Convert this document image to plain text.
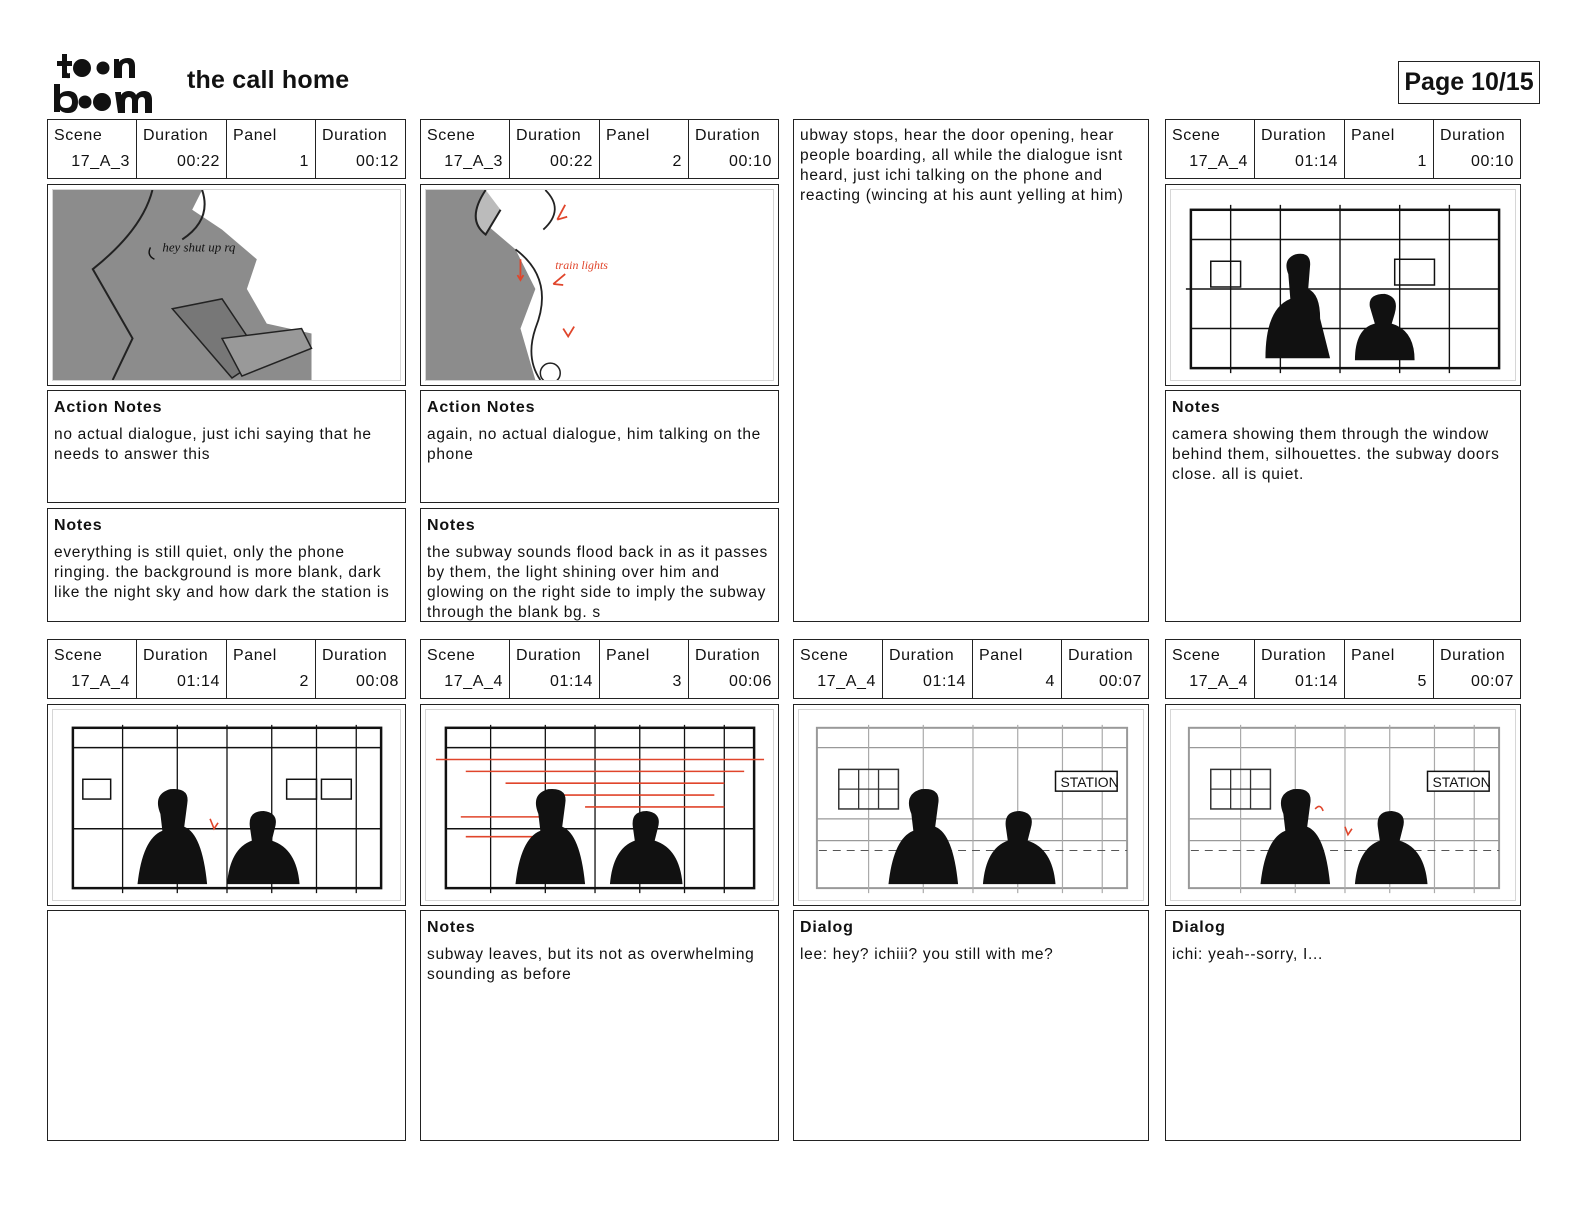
the call home	Page 10/15
Scene
17_A_3
Duration
00:22
Panel
1
Duration
00:12
hey shut up rq
Action Notes
no actual dialogue, just ichi saying that he needs to answer this
Notes
everything is still quiet, only the phone ringing. the background is more blank, dark like the night sky and how dark the station is
Scene
17_A_3
Duration
00:22
Panel
2
Duration
00:10
train lights
Action Notes
again, no actual dialogue, him talking on the phone
Notes
the subway sounds flood back in as it passes by them, the light shining over him and glowing on the right side to imply the subway through the blank bg. s
ubway stops, hear the door opening, hear people boarding, all while the dialogue isnt heard, just ichi talking on the phone and reacting (wincing at his aunt yelling at him)
Scene
17_A_4
Duration
01:14
Panel
1
Duration
00:10
Notes
camera showing them through the window behind them, silhouettes. the subway doors close. all is quiet.
Scene
17_A_4
Duration
01:14
Panel
2
Duration
00:08
Scene
17_A_4
Duration
01:14
Panel
3
Duration
00:06
Notes
subway leaves, but its not as overwhelming sounding as before
Scene
17_A_4
Duration
01:14
Panel
4
Duration
00:07
STATION
Dialog
lee: hey? ichiii? you still with me?
Scene
17_A_4
Duration
01:14
Panel
5
Duration
00:07
STATION
Dialog
ichi: yeah--sorry, I...
